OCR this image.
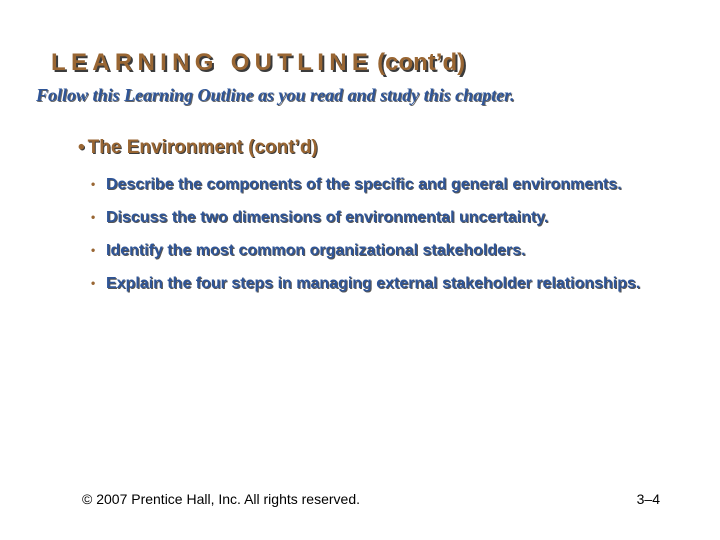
LEARNING OUTLINE (cont’d)

Follow this Learning Outline as you read and study this chapter.

• The Environment (cont’d)

• Describe the components of the specific and general environments.
• Discuss the two dimensions of environmental uncertainty.
• Identify the most common organizational stakeholders.
• Explain the four steps in managing external stakeholder relationships.

© 2007 Prentice Hall, Inc. All rights reserved.	3–4
